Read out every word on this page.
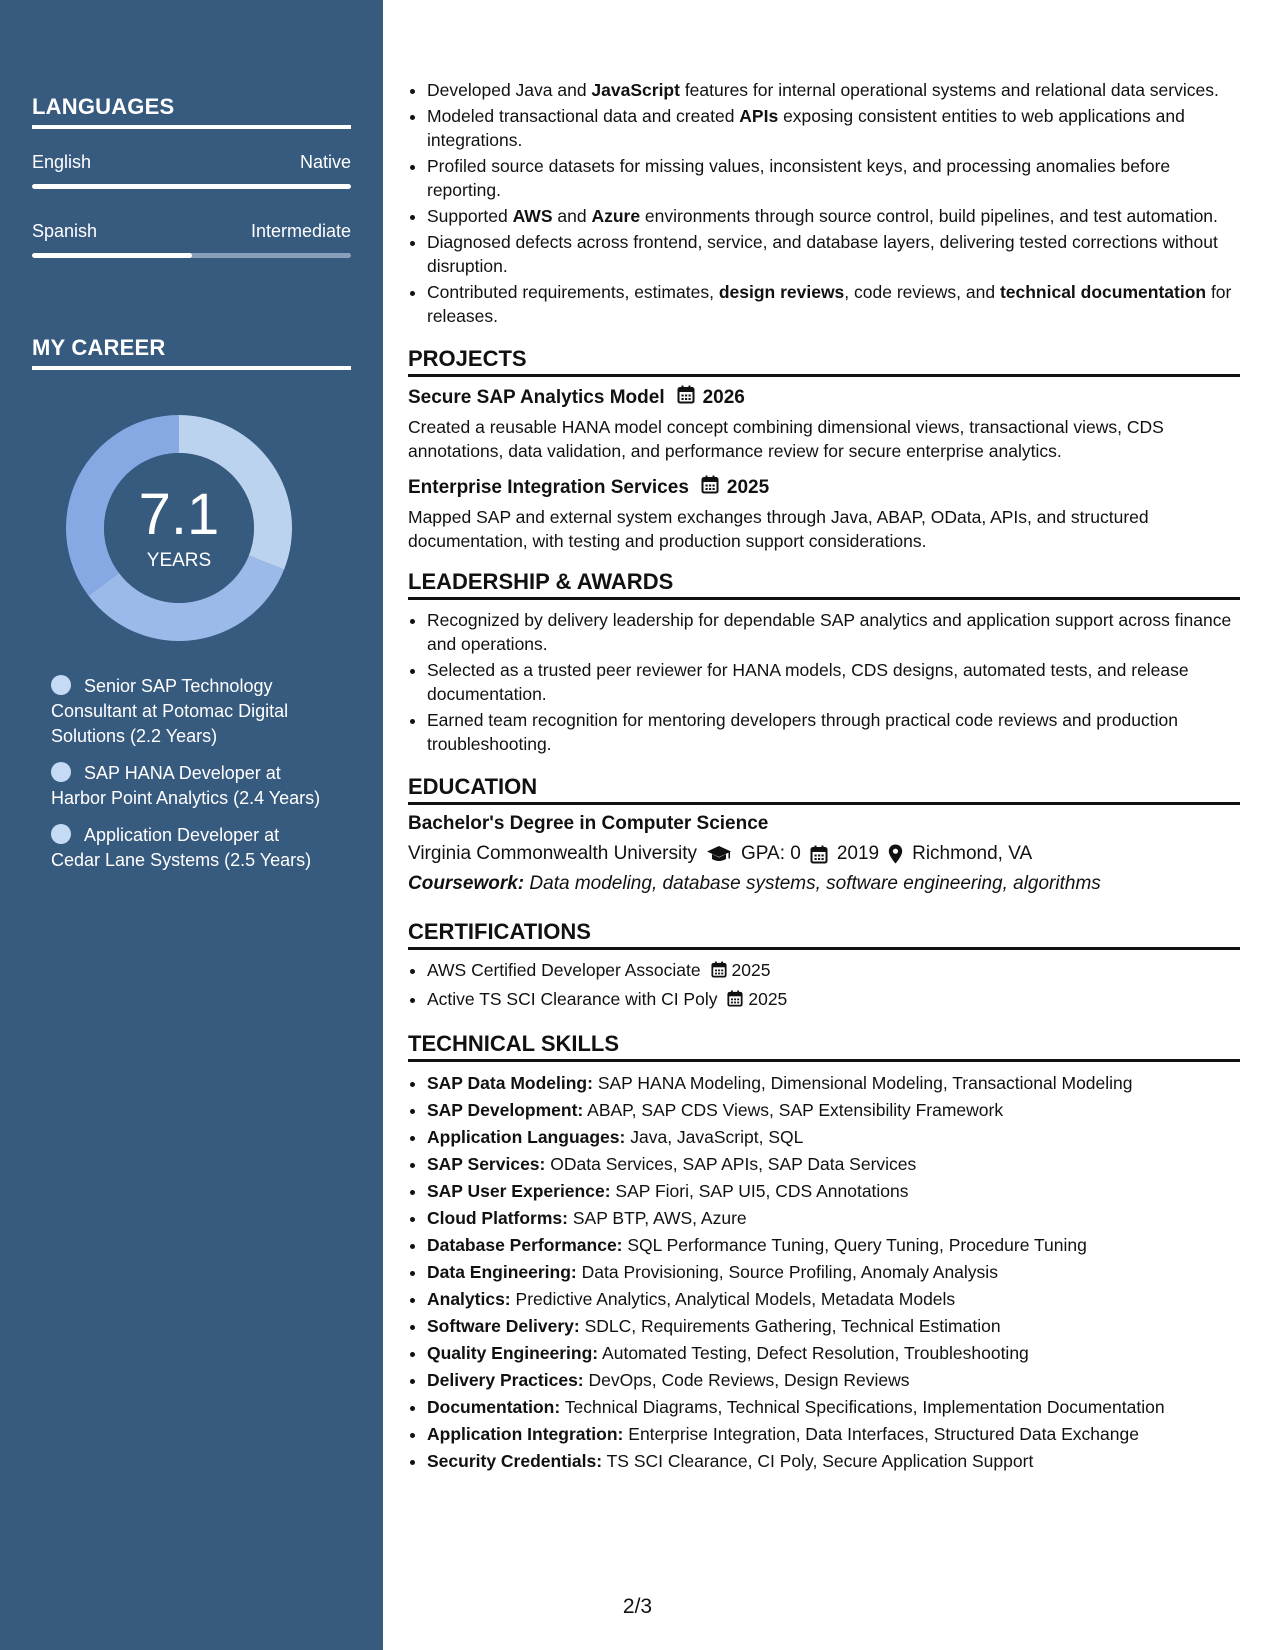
LANGUAGES
English	Native
Spanish	Intermediate
MY CAREER
7.1
YEARS
Senior SAP Technology Consultant at Potomac Digital Solutions (2.2 Years)
SAP HANA Developer at Harbor Point Analytics (2.4 Years)
Application Developer at Cedar Lane Systems (2.5 Years)
• Developed Java and JavaScript features for internal operational systems and relational data services.
• Modeled transactional data and created APIs exposing consistent entities to web applications and integrations.
• Profiled source datasets for missing values, inconsistent keys, and processing anomalies before reporting.
• Supported AWS and Azure environments through source control, build pipelines, and test automation.
• Diagnosed defects across frontend, service, and database layers, delivering tested corrections without disruption.
• Contributed requirements, estimates, design reviews, code reviews, and technical documentation for releases.
PROJECTS
Secure SAP Analytics Model 2026
Created a reusable HANA model concept combining dimensional views, transactional views, CDS annotations, data validation, and performance review for secure enterprise analytics.
Enterprise Integration Services 2025
Mapped SAP and external system exchanges through Java, ABAP, OData, APIs, and structured documentation, with testing and production support considerations.
LEADERSHIP & AWARDS
• Recognized by delivery leadership for dependable SAP analytics and application support across finance and operations.
• Selected as a trusted peer reviewer for HANA models, CDS designs, automated tests, and release documentation.
• Earned team recognition for mentoring developers through practical code reviews and production troubleshooting.
EDUCATION
Bachelor's Degree in Computer Science
Virginia Commonwealth University GPA: 0 2019 Richmond, VA
Coursework: Data modeling, database systems, software engineering, algorithms
CERTIFICATIONS
• AWS Certified Developer Associate 2025
• Active TS SCI Clearance with CI Poly 2025
TECHNICAL SKILLS
• SAP Data Modeling: SAP HANA Modeling, Dimensional Modeling, Transactional Modeling
• SAP Development: ABAP, SAP CDS Views, SAP Extensibility Framework
• Application Languages: Java, JavaScript, SQL
• SAP Services: OData Services, SAP APIs, SAP Data Services
• SAP User Experience: SAP Fiori, SAP UI5, CDS Annotations
• Cloud Platforms: SAP BTP, AWS, Azure
• Database Performance: SQL Performance Tuning, Query Tuning, Procedure Tuning
• Data Engineering: Data Provisioning, Source Profiling, Anomaly Analysis
• Analytics: Predictive Analytics, Analytical Models, Metadata Models
• Software Delivery: SDLC, Requirements Gathering, Technical Estimation
• Quality Engineering: Automated Testing, Defect Resolution, Troubleshooting
• Delivery Practices: DevOps, Code Reviews, Design Reviews
• Documentation: Technical Diagrams, Technical Specifications, Implementation Documentation
• Application Integration: Enterprise Integration, Data Interfaces, Structured Data Exchange
• Security Credentials: TS SCI Clearance, CI Poly, Secure Application Support
2/3
